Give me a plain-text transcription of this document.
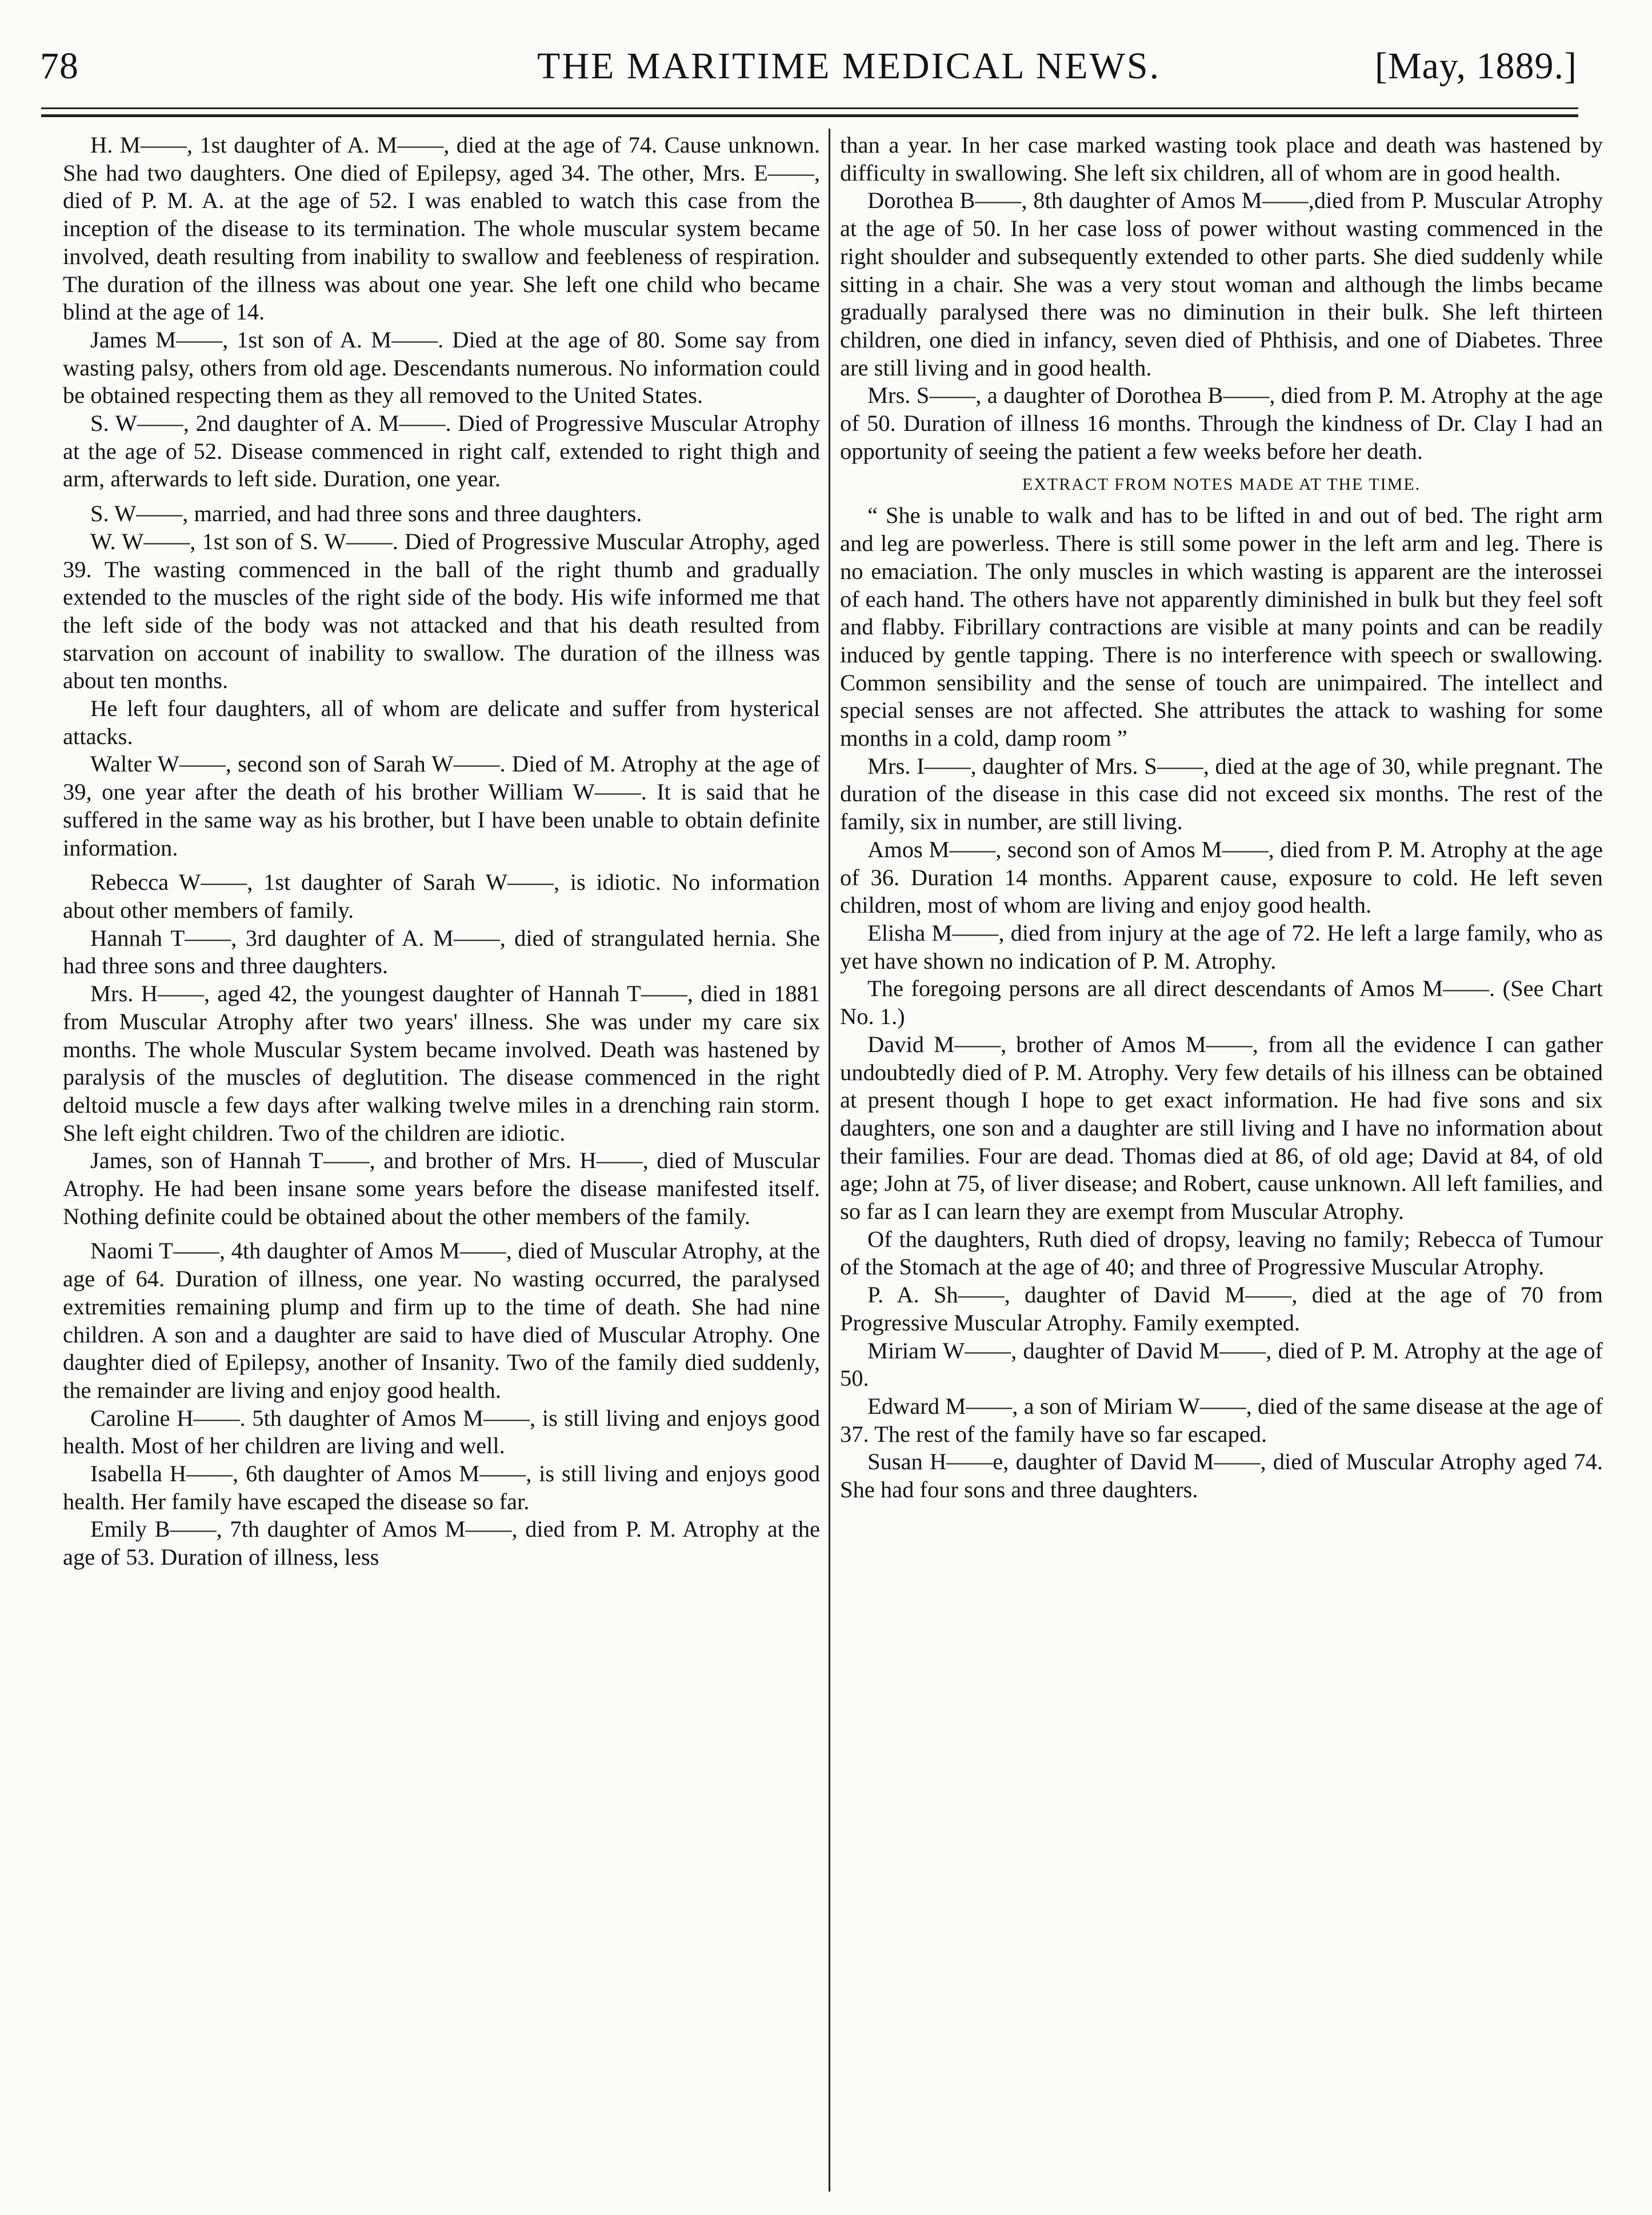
78	THE MARITIME MEDICAL NEWS.	[May, 1889.]

H. M——, 1st daughter of A. M——, died at the age of 74. Cause unknown. She had two daughters. One died of Epilepsy, aged 34. The other, Mrs. E——, died of P. M. A. at the age of 52. I was enabled to watch this case from the inception of the disease to its termination. The whole muscular system became involved, death resulting from inability to swallow and feebleness of respiration. The duration of the illness was about one year. She left one child who became blind at the age of 14.

James M——, 1st son of A. M——. Died at the age of 80. Some say from wasting palsy, others from old age. Descendants numerous. No information could be obtained respecting them as they all removed to the United States.

S. W——, 2nd daughter of A. M——. Died of Progressive Muscular Atrophy at the age of 52. Disease commenced in right calf, extended to right thigh and arm, afterwards to left side. Duration, one year.

S. W——, married, and had three sons and three daughters.

W. W——, 1st son of S. W——. Died of Progressive Muscular Atrophy, aged 39. The wasting commenced in the ball of the right thumb and gradually extended to the muscles of the right side of the body. His wife informed me that the left side of the body was not attacked and that his death resulted from starvation on account of inability to swallow. The duration of the illness was about ten months.

He left four daughters, all of whom are delicate and suffer from hysterical attacks.

Walter W——, second son of Sarah W——. Died of M. Atrophy at the age of 39, one year after the death of his brother William W——. It is said that he suffered in the same way as his brother, but I have been unable to obtain definite information.

Rebecca W——, 1st daughter of Sarah W——, is idiotic. No information about other members of family.

Hannah T——, 3rd daughter of A. M——, died of strangulated hernia. She had three sons and three daughters.

Mrs. H——, aged 42, the youngest daughter of Hannah T——, died in 1881 from Muscular Atrophy after two years' illness. She was under my care six months. The whole Muscular System became involved. Death was hastened by paralysis of the muscles of deglutition. The disease commenced in the right deltoid muscle a few days after walking twelve miles in a drenching rain storm. She left eight children. Two of the children are idiotic.

James, son of Hannah T——, and brother of Mrs. H——, died of Muscular Atrophy. He had been insane some years before the disease manifested itself. Nothing definite could be obtained about the other members of the family.

Naomi T——, 4th daughter of Amos M——, died of Muscular Atrophy, at the age of 64. Duration of illness, one year. No wasting occurred, the paralysed extremities remaining plump and firm up to the time of death. She had nine children. A son and a daughter are said to have died of Muscular Atrophy. One daughter died of Epilepsy, another of Insanity. Two of the family died suddenly, the remainder are living and enjoy good health.

Caroline H——. 5th daughter of Amos M——, is still living and enjoys good health. Most of her children are living and well.

Isabella H——, 6th daughter of Amos M——, is still living and enjoys good health. Her family have escaped the disease so far.

Emily B——, 7th daughter of Amos M——, died from P. M. Atrophy at the age of 53. Duration of illness, less

than a year. In her case marked wasting took place and death was hastened by difficulty in swallowing. She left six children, all of whom are in good health.

Dorothea B——, 8th daughter of Amos M——,died from P. Muscular Atrophy at the age of 50. In her case loss of power without wasting commenced in the right shoulder and subsequently extended to other parts. She died suddenly while sitting in a chair. She was a very stout woman and although the limbs became gradually paralysed there was no diminution in their bulk. She left thirteen children, one died in infancy, seven died of Phthisis, and one of Diabetes. Three are still living and in good health.

Mrs. S——, a daughter of Dorothea B——, died from P. M. Atrophy at the age of 50. Duration of illness 16 months. Through the kindness of Dr. Clay I had an opportunity of seeing the patient a few weeks before her death.

EXTRACT FROM NOTES MADE AT THE TIME.

“ She is unable to walk and has to be lifted in and out of bed. The right arm and leg are powerless. There is still some power in the left arm and leg. There is no emaciation. The only muscles in which wasting is apparent are the interossei of each hand. The others have not apparently diminished in bulk but they feel soft and flabby. Fibrillary contractions are visible at many points and can be readily induced by gentle tapping. There is no interference with speech or swallowing. Common sensibility and the sense of touch are unimpaired. The intellect and special senses are not affected. She attributes the attack to washing for some months in a cold, damp room ”

Mrs. I——, daughter of Mrs. S——, died at the age of 30, while pregnant. The duration of the disease in this case did not exceed six months. The rest of the family, six in number, are still living.

Amos M——, second son of Amos M——, died from P. M. Atrophy at the age of 36. Duration 14 months. Apparent cause, exposure to cold. He left seven children, most of whom are living and enjoy good health.

Elisha M——, died from injury at the age of 72. He left a large family, who as yet have shown no indication of P. M. Atrophy.

The foregoing persons are all direct descendants of Amos M——. (See Chart No. 1.)

David M——, brother of Amos M——, from all the evidence I can gather undoubtedly died of P. M. Atrophy. Very few details of his illness can be obtained at present though I hope to get exact information. He had five sons and six daughters, one son and a daughter are still living and I have no information about their families. Four are dead. Thomas died at 86, of old age; David at 84, of old age; John at 75, of liver disease; and Robert, cause unknown. All left families, and so far as I can learn they are exempt from Muscular Atrophy.

Of the daughters, Ruth died of dropsy, leaving no family; Rebecca of Tumour of the Stomach at the age of 40; and three of Progressive Muscular Atrophy.

P. A. Sh——, daughter of David M——, died at the age of 70 from Progressive Muscular Atrophy. Family exempted.

Miriam W——, daughter of David M——, died of P. M. Atrophy at the age of 50.

Edward M——, a son of Miriam W——, died of the same disease at the age of 37. The rest of the family have so far escaped.

Susan H——e, daughter of David M——, died of Muscular Atrophy aged 74. She had four sons and three daughters.
